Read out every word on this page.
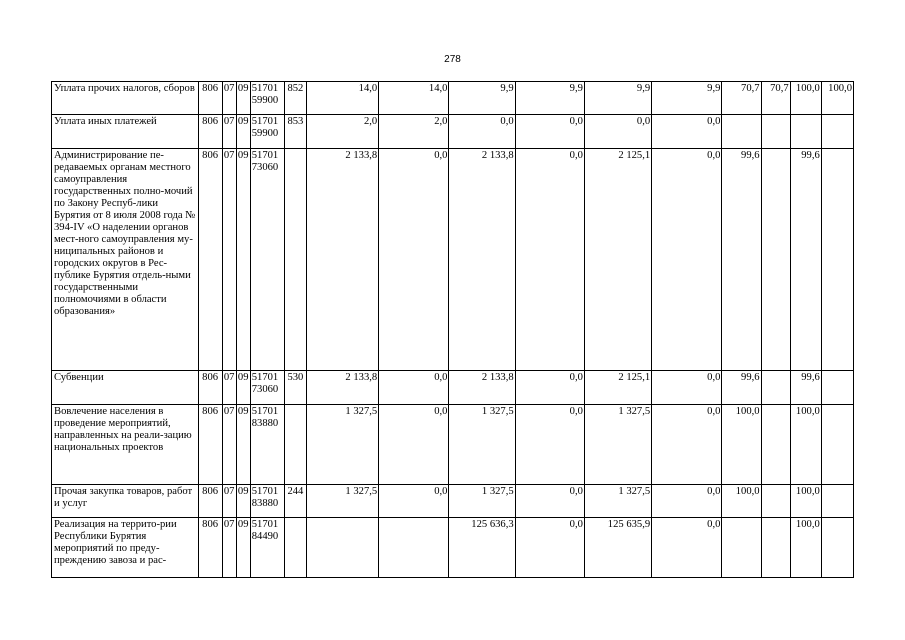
278
Уплата прочих налогов, сборов	806	07	09	51701 59900	852	14,0	14,0	9,9	9,9	9,9	9,9	70,7	70,7	100,0	100,0
Уплата иных платежей	806	07	09	51701 59900	853	2,0	2,0	0,0	0,0	0,0	0,0				
Администрирование пе-редаваемых органам местного самоуправления государственных полно-мочий по Закону Респуб-лики Бурятия от 8 июля 2008 года № 394-IV «О наделении органов мест-ного самоуправления му-ниципальных районов и городских округов в Рес-публике Бурятия отдель-ными государственными полномочиями в области образования»	806	07	09	51701 73060		2 133,8	0,0	2 133,8	0,0	2 125,1	0,0	99,6		99,6	
Субвенции	806	07	09	51701 73060	530	2 133,8	0,0	2 133,8	0,0	2 125,1	0,0	99,6		99,6	
Вовлечение населения в проведение мероприятий, направленных на реали-зацию национальных проектов	806	07	09	51701 83880		1 327,5	0,0	1 327,5	0,0	1 327,5	0,0	100,0		100,0	
Прочая закупка товаров, работ и услуг	806	07	09	51701 83880	244	1 327,5	0,0	1 327,5	0,0	1 327,5	0,0	100,0		100,0	
Реализация на террито-рии Республики Бурятия мероприятий по преду-преждению завоза и рас-	806	07	09	51701 84490				125 636,3	0,0	125 635,9	0,0			100,0	
